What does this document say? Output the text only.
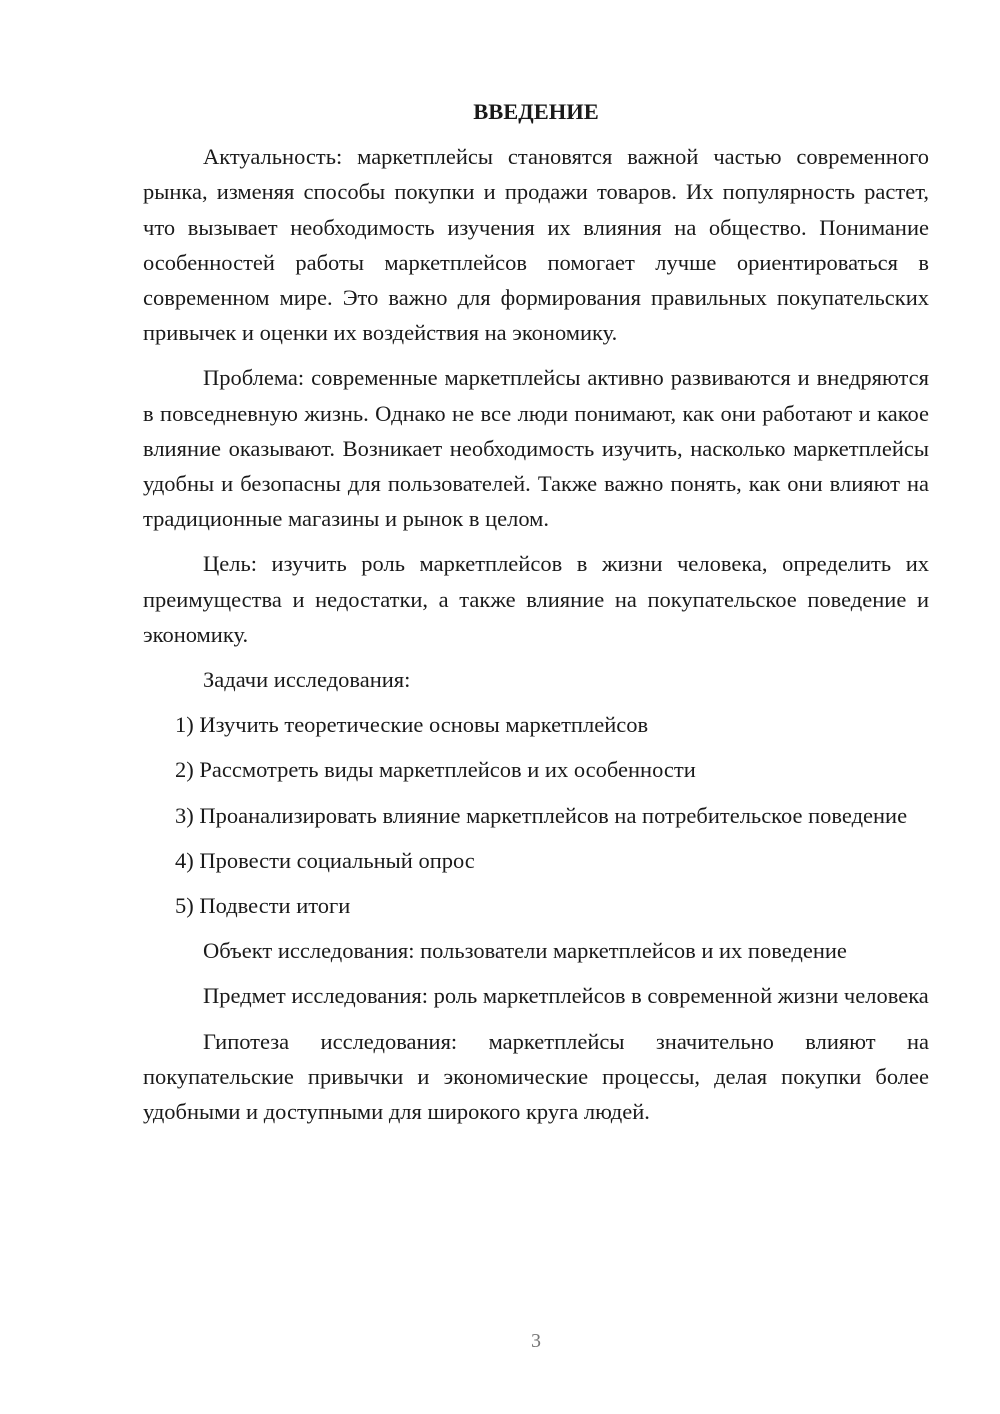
ВВЕДЕНИЕ

Актуальность: маркетплейсы становятся важной частью современного рынка, изменяя способы покупки и продажи товаров. Их популярность растет, что вызывает необходимость изучения их влияния на общество. Понимание особенностей работы маркетплейсов помогает лучше ориентироваться в современном мире. Это важно для формирования правильных покупательских привычек и оценки их воздействия на экономику.

Проблема: современные маркетплейсы активно развиваются и внедряются в повседневную жизнь. Однако не все люди понимают, как они работают и какое влияние оказывают. Возникает необходимость изучить, насколько маркетплейсы удобны и безопасны для пользователей. Также важно понять, как они влияют на традиционные магазины и рынок в целом.

Цель: изучить роль маркетплейсов в жизни человека, определить их преимущества и недостатки, а также влияние на покупательское поведение и экономику.

Задачи исследования:

1) Изучить теоретические основы маркетплейсов

2) Рассмотреть виды маркетплейсов и их особенности

3) Проанализировать влияние маркетплейсов на потребительское поведение

4) Провести социальный опрос

5) Подвести итоги

Объект исследования: пользователи маркетплейсов и их поведение

Предмет исследования: роль маркетплейсов в современной жизни человека

Гипотеза исследования: маркетплейсы значительно влияют на покупательские привычки и экономические процессы, делая покупки более удобными и доступными для широкого круга людей.

3
